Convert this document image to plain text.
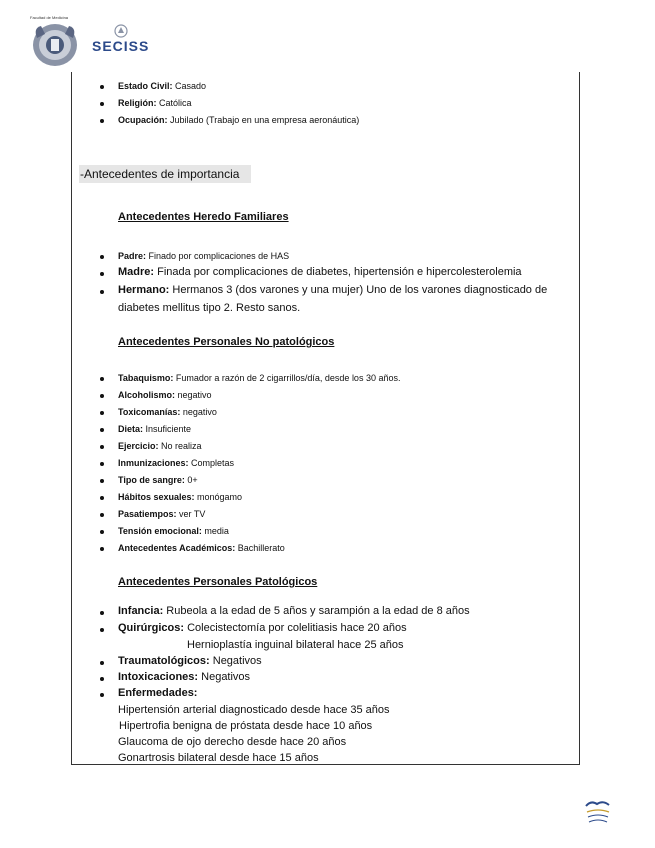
Facultad de Medicina
SECISS
Estado Civil: Casado
Religión: Católica
Ocupación: Jubilado (Trabajo en una empresa aeronáutica)
-Antecedentes de importancia
Antecedentes Heredo Familiares
Padre: Finado por complicaciones de HAS
Madre: Finada por complicaciones de diabetes, hipertensión e hipercolesterolemia
Hermano: Hermanos 3 (dos varones y una mujer) Uno de los varones diagnosticado de
diabetes mellitus tipo 2. Resto sanos.
Antecedentes Personales No patológicos
Tabaquismo: Fumador a razón de 2 cigarrillos/día, desde los 30 años.
Alcoholismo: negativo
Toxicomanías: negativo
Dieta: Insuficiente
Ejercicio: No realiza
Inmunizaciones: Completas
Tipo de sangre: 0+
Hábitos sexuales: monógamo
Pasatiempos: ver TV
Tensión emocional: media
Antecedentes Académicos: Bachillerato
Antecedentes Personales Patológicos
Infancia: Rubeola a la edad de 5 años y sarampión a la edad de 8 años
Quirúrgicos: Colecistectomía por colelitiasis hace 20 años
Hernioplastía inguinal bilateral hace 25 años
Traumatológicos: Negativos
Intoxicaciones: Negativos
Enfermedades:
Hipertensión arterial diagnosticado desde hace 35 años
Hipertrofia benigna de próstata desde hace 10 años
Glaucoma de ojo derecho desde hace 20 años
Gonartrosis bilateral desde hace 15 años
